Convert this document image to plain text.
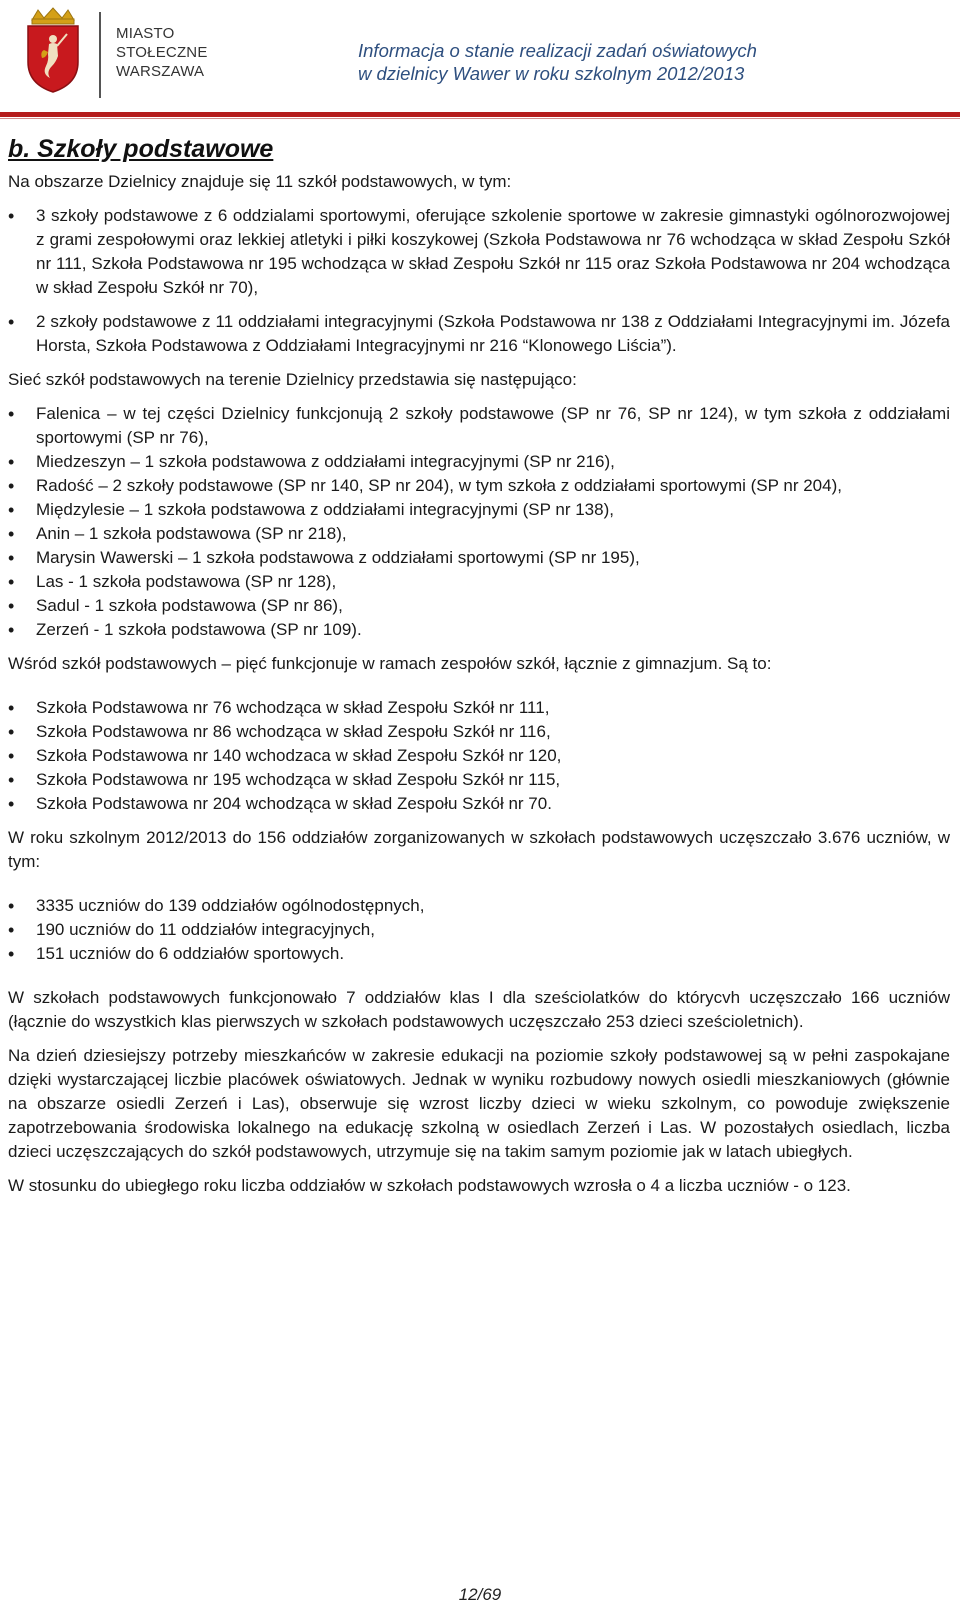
MIASTO
STOŁECZNE
WARSZAWA
Informacja o stanie realizacji zadań oświatowych
w dzielnicy Wawer w roku szkolnym 2012/2013
b. Szkoły podstawowe

Na obszarze Dzielnicy znajduje się 11 szkół podstawowych, w tym:

• 3 szkoły podstawowe z 6 oddzialami sportowymi, oferujące szkolenie sportowe w zakresie gimnastyki ogólnorozwojowej z grami zespołowymi oraz lekkiej atletyki i piłki koszykowej (Szkoła Podstawowa nr 76 wchodząca w skład Zespołu Szkół nr 111, Szkoła Podstawowa nr 195 wchodząca w skład Zespołu Szkół nr 115 oraz Szkoła Podstawowa nr 204 wchodząca w skład Zespołu Szkół nr 70),
• 2 szkoły podstawowe z 11 oddziałami integracyjnymi (Szkoła Podstawowa nr 138 z Oddziałami Integracyjnymi im. Józefa Horsta, Szkoła Podstawowa z Oddziałami Integracyjnymi nr 216 “Klonowego Liścia”).

Sieć szkół podstawowych na terenie Dzielnicy przedstawia się następująco:

• Falenica – w tej części Dzielnicy funkcjonują 2 szkoły podstawowe (SP nr 76, SP nr 124), w tym szkoła z oddziałami sportowymi (SP nr 76),
• Miedzeszyn – 1 szkoła podstawowa z oddziałami integracyjnymi (SP nr 216),
• Radość – 2 szkoły podstawowe (SP nr 140, SP nr 204), w tym szkoła z oddziałami sportowymi (SP nr 204),
• Międzylesie – 1 szkoła podstawowa z oddziałami integracyjnymi (SP nr 138),
• Anin – 1 szkoła podstawowa (SP nr 218),
• Marysin Wawerski – 1 szkoła podstawowa z oddziałami sportowymi (SP nr 195),
• Las - 1 szkoła podstawowa (SP nr 128),
• Sadul - 1 szkoła podstawowa (SP nr 86),
• Zerzeń - 1 szkoła podstawowa (SP nr 109).

Wśród szkół podstawowych – pięć funkcjonuje w ramach zespołów szkół, łącznie z gimnazjum. Są to:

• Szkoła Podstawowa nr 76 wchodząca w skład Zespołu Szkół nr 111,
• Szkoła Podstawowa nr 86 wchodząca w skład Zespołu Szkół nr 116,
• Szkoła Podstawowa nr 140 wchodzaca w skład Zespołu Szkół nr 120,
• Szkoła Podstawowa nr 195 wchodząca w skład Zespołu Szkół nr 115,
• Szkoła Podstawowa nr 204 wchodząca w skład Zespołu Szkół nr 70.

W roku szkolnym 2012/2013 do 156 oddziałów zorganizowanych w szkołach podstawowych uczęszczało 3.676 uczniów, w tym:

• 3335 uczniów do 139 oddziałów ogólnodostępnych,
• 190 uczniów do 11 oddziałów integracyjnych,
• 151 uczniów do 6 oddziałów sportowych.

W szkołach podstawowych funkcjonowało 7 oddziałów klas I dla sześciolatków do którycvh uczęszczało 166 uczniów (łącznie do wszystkich klas pierwszych w szkołach podstawowych uczęszczało 253 dzieci sześcioletnich).

Na dzień dziesiejszy potrzeby mieszkańców w zakresie edukacji na poziomie szkoły podstawowej są w pełni zaspokajane dzięki wystarczającej liczbie placówek oświatowych. Jednak w wyniku rozbudowy nowych osiedli mieszkaniowych (głównie na obszarze osiedli Zerzeń i Las), obserwuje się wzrost liczby dzieci w wieku szkolnym, co powoduje zwiększenie zapotrzebowania środowiska lokalnego na edukację szkolną w osiedlach Zerzeń i Las. W pozostałych osiedlach, liczba dzieci uczęszczających do szkół podstawowych, utrzymuje się na takim samym poziomie jak w latach ubiegłych.

W stosunku do ubiegłego roku liczba oddziałów w szkołach podstawowych wzrosła o 4 a liczba uczniów - o 123.

12/69
